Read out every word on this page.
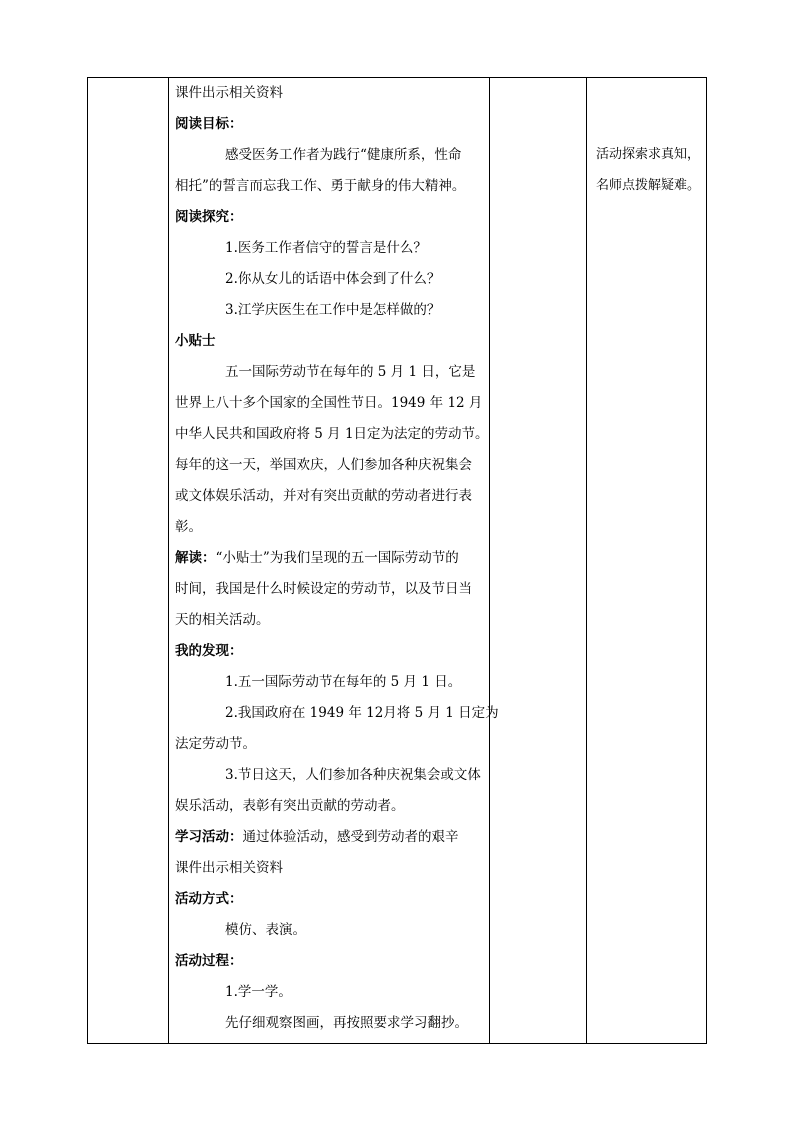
课件出示相关资料
阅读目标：
感受医务工作者为践行“健康所系，性命
相托”的誓言而忘我工作、勇于献身的伟大精神。
阅读探究：
1.医务工作者信守的誓言是什么？
2.你从女儿的话语中体会到了什么？
3.江学庆医生在工作中是怎样做的？
小贴士
五一国际劳动节在每年的 5 月 1 日，它是
世界上八十多个国家的全国性节日。1949 年 12 月
中华人民共和国政府将 5 月 1日定为法定的劳动节。
每年的这一天，举国欢庆，人们参加各种庆祝集会
或文体娱乐活动，并对有突出贡献的劳动者进行表
彰。
解读：“小贴士”为我们呈现的五一国际劳动节的
时间，我国是什么时候设定的劳动节，以及节日当
天的相关活动。
我的发现：
1.五一国际劳动节在每年的 5 月 1 日。
2.我国政府在 1949 年 12月将 5 月 1 日定为
法定劳动节。
3.节日这天，人们参加各种庆祝集会或文体
娱乐活动，表彰有突出贡献的劳动者。
学习活动：通过体验活动，感受到劳动者的艰辛
课件出示相关资料
活动方式：
模仿、表演。
活动过程：
1.学一学。
先仔细观察图画，再按照要求学习翻抄。
活动探索求真知，
名师点拨解疑难。
